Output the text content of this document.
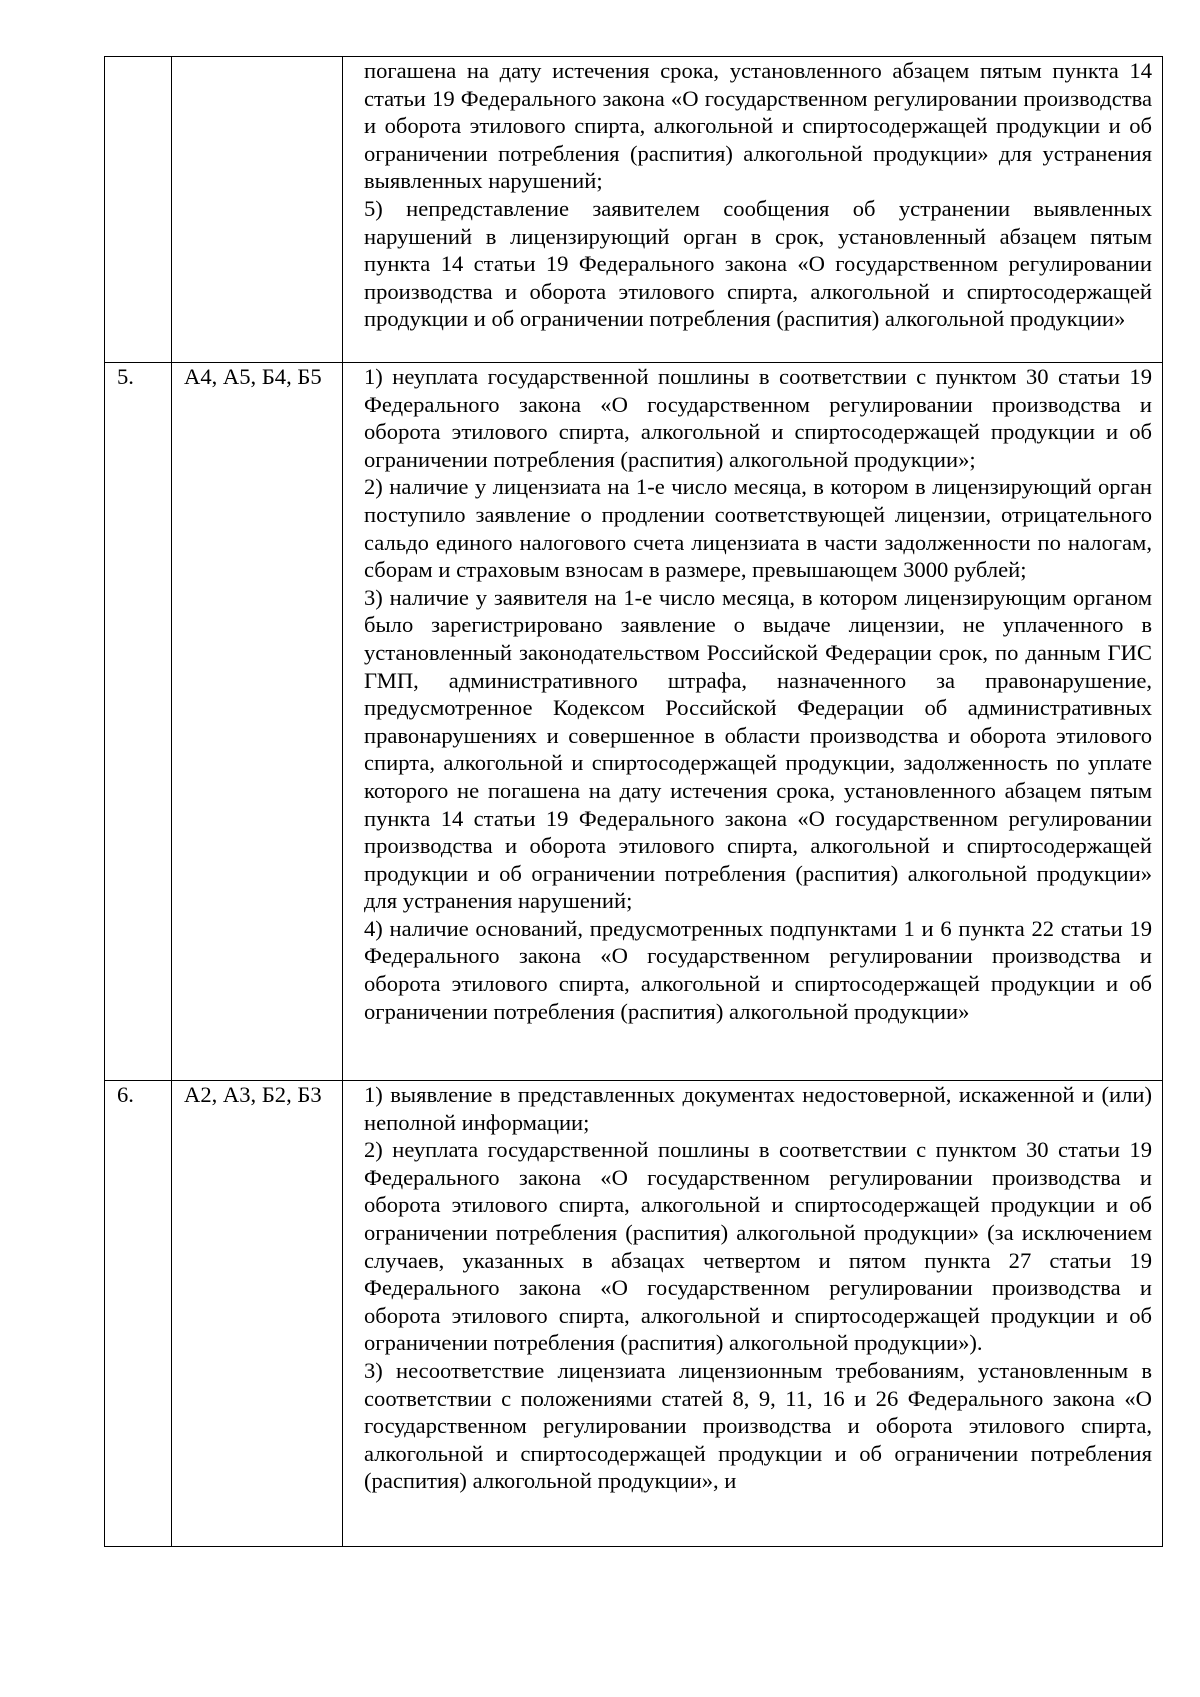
		погашена на дату истечения срока, установленного абзацем пятым пункта 14 статьи 19 Федерального закона «О государственном регулировании производства и оборота этилового спирта, алкогольной и спиртосодержащей продукции и об ограничении потребления (распития) алкогольной продукции» для устранения выявленных нарушений;

5) непредставление заявителем сообщения об устранении выявленных нарушений в лицензирующий орган в срок, установленный абзацем пятым пункта 14 статьи 19 Федерального закона «О государственном регулировании производства и оборота этилового спирта, алкогольной и спиртосодержащей продукции и об ограничении потребления (распития) алкогольной продукции»

5.	А4, А5, Б4, Б5	1) неуплата государственной пошлины в соответствии с пунктом 30 статьи 19 Федерального закона «О государственном регулировании производства и оборота этилового спирта, алкогольной и спиртосодержащей продукции и об ограничении потребления (распития) алкогольной продукции»;

2) наличие у лицензиата на 1-е число месяца, в котором в лицензирующий орган поступило заявление о продлении соответствующей лицензии, отрицательного сальдо единого налогового счета лицензиата в части задолженности по налогам, сборам и страховым взносам в размере, превышающем 3000 рублей;

3) наличие у заявителя на 1-е число месяца, в котором лицензирующим органом было зарегистрировано заявление о выдаче лицензии, не уплаченного в установленный законодательством Российской Федерации срок, по данным ГИС ГМП, административного штрафа, назначенного за правонарушение, предусмотренное Кодексом Российской Федерации об административных правонарушениях и совершенное в области производства и оборота этилового спирта, алкогольной и спиртосодержащей продукции, задолженность по уплате которого не погашена на дату истечения срока, установленного абзацем пятым пункта 14 статьи 19 Федерального закона «О государственном регулировании производства и оборота этилового спирта, алкогольной и спиртосодержащей продукции и об ограничении потребления (распития) алкогольной продукции» для устранения нарушений;

4) наличие оснований, предусмотренных подпунктами 1 и 6 пункта 22 статьи 19 Федерального закона «О государственном регулировании производства и оборота этилового спирта, алкогольной и спиртосодержащей продукции и об ограничении потребления (распития) алкогольной продукции»

6.	А2, А3, Б2, Б3	1) выявление в представленных документах недостоверной, искаженной и (или) неполной информации;

2) неуплата государственной пошлины в соответствии с пунктом 30 статьи 19 Федерального закона «О государственном регулировании производства и оборота этилового спирта, алкогольной и спиртосодержащей продукции и об ограничении потребления (распития) алкогольной продукции» (за исключением случаев, указанных в абзацах четвертом и пятом пункта 27 статьи 19 Федерального закона «О государственном регулировании производства и оборота этилового спирта, алкогольной и спиртосодержащей продукции и об ограничении потребления (распития) алкогольной продукции»).

3) несоответствие лицензиата лицензионным требованиям, установленным в соответствии с положениями статей 8, 9, 11, 16 и 26 Федерального закона «О государственном регулировании производства и оборота этилового спирта, алкогольной и спиртосодержащей продукции и об ограничении потребления (распития) алкогольной продукции», и
